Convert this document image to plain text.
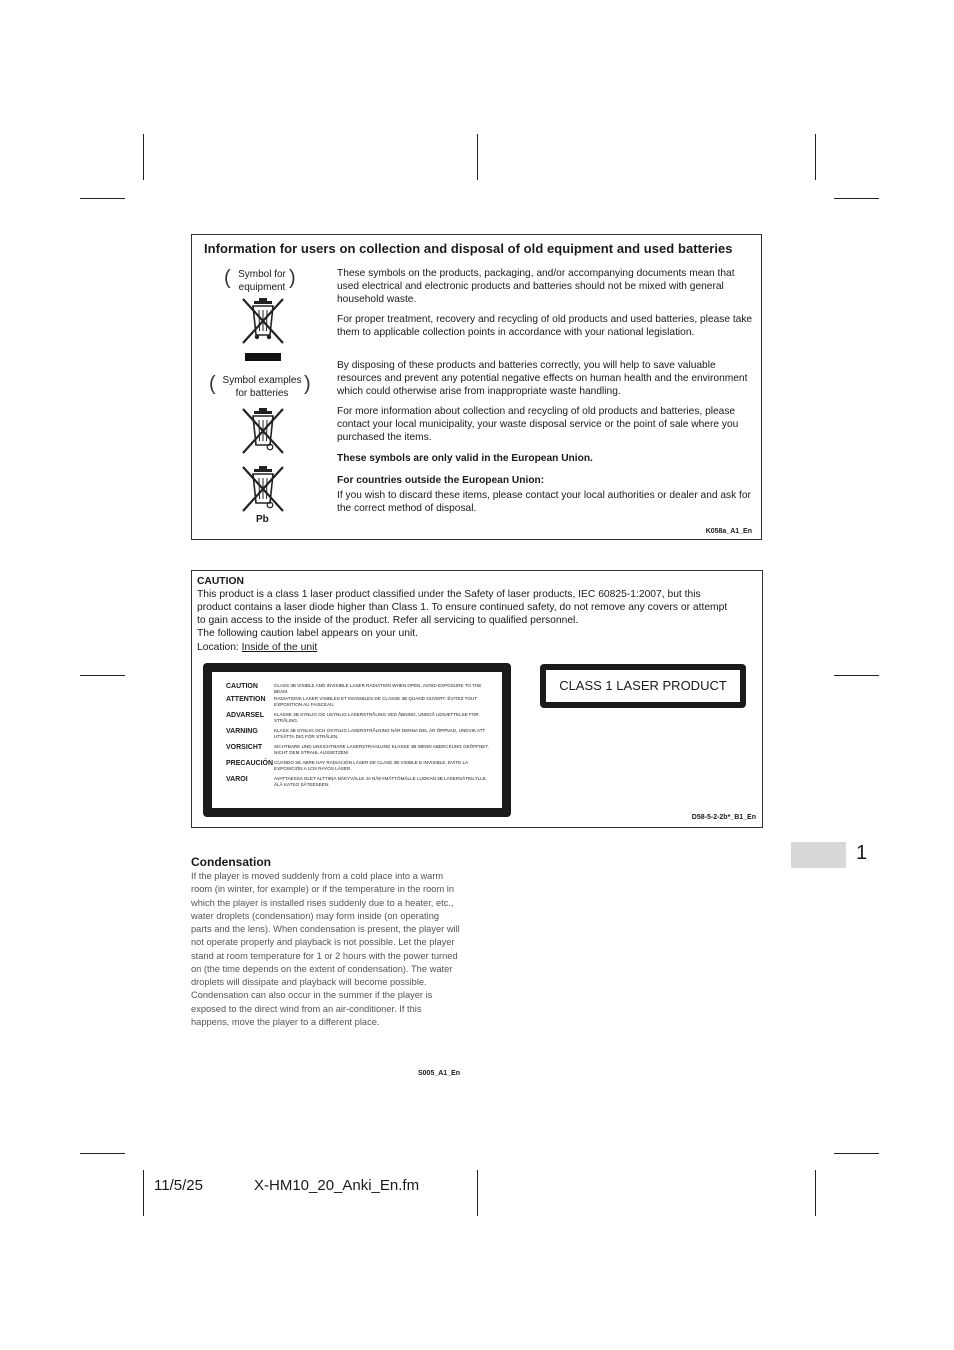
Information for users on collection and disposal of old equipment and used batteries
(	)
Symbol for equipment
(	)
Symbol examples for batteries
Pb

These symbols on the products, packaging, and/or accompanying documents mean that used electrical and electronic products and batteries should not be mixed with general household waste.

For proper treatment, recovery and recycling of old products and used batteries, please take them to applicable collection points in accordance with your national legislation.

By disposing of these products and batteries correctly, you will help to save valuable resources and prevent any potential negative effects on human health and the environment which could otherwise arise from inappropriate waste handling.

For more information about collection and recycling of old products and batteries, please contact your local municipality, your waste disposal service or the point of sale where you purchased the items.

These symbols are only valid in the European Union.

For countries outside the European Union:

If you wish to discard these items, please contact your local authorities or dealer and ask for the correct method of disposal.

K058a_A1_En

CAUTION

This product is a class 1 laser product classified under the Safety of laser products, IEC 60825-1:2007, but this

product contains a laser diode higher than Class 1. To ensure continued safety, do not remove any covers or attempt

to gain access to the inside of the product. Refer all servicing to qualified personnel.

The following caution label appears on your unit.

Location: Inside of the unit

CAUTION	CLASS 3B VISIBLE AND INVISIBLE LASER RADIATION WHEN OPEN, AVOID EXPOSURE TO THE BEAM.
ATTENTION RADIATIONS LASER VISIBLES ET INVISIBLES DE CLASSE 3B QUAND OUVERT. ÉVITEZ TOUT EXPOSITION AU FAISCEAU.
ADVARSEL KLASSE 3B SYNLIG OG USYNLIG LASERSTRÅLING VED ÅBNING, UNDGÅ UDSÆTTELSE FOR STRÅLING.
VARNING	KLASS 3B SYNLIG OCH OSYNLIG LASERSTRÅLNING NÄR DENNA DEL ÄR ÖPPNAD, UNDVIK ATT UTSÄTTA DIG FÖR STRÅLEN.
VORSICHT	SICHTBARE UND UNSICHTBARE LASERSTRAHLUNG KLASSE 3B WENN ABDECKUNG GEÖFFNET. NICHT DEM STRAHL AUSSETZEN!
PRECAUCIÓN CUANDO SE ABRE HAY RADIACIÓN LÁSER DE CLASE 3B VISIBLE E INVISIBLE. EVITE LA EXPOSICIÓN A LOS RAYOS LÁSER.
VAROI	AVATTAESSA OLET ALTTIINA NÄKYVÄLLE JA NÄKYMÄTTÖMÄLLE LUOKAN 3B LASERSÄTEILYLLE. ÄLÄ KATSO SÄTEESEEN.
CLASS 1 LASER PRODUCT
D58-5-2-2b*_B1_En

Condensation

If the player is moved suddenly from a cold place into a warm room (in winter, for example) or if the temperature in the room in which the player is installed rises suddenly due to a heater, etc., water droplets (condensation) may form inside (on operating parts and the lens). When condensation is present, the player will not operate properly and playback is not possible. Let the player stand at room temperature for 1 or 2 hours with the power turned on (the time depends on the extent of condensation). The water droplets will dissipate and playback will become possible. Condensation can also occur in the summer if the player is exposed to the direct wind from an air-conditioner. If this happens, move the player to a different place.

S005_A1_En
1
11/5/25	X-HM10_20_Anki_En.fm
